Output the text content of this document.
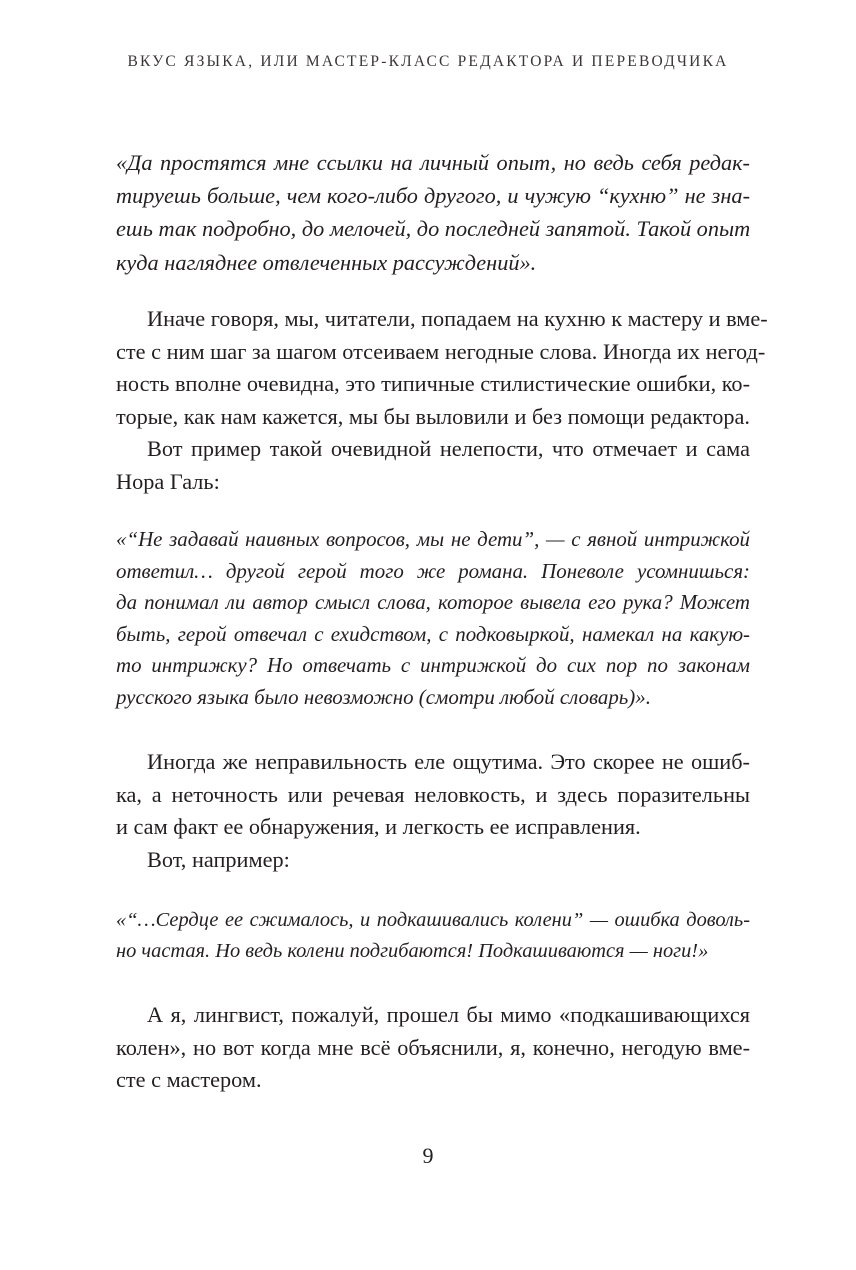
ВКУС ЯЗЫКА, ИЛИ МАСТЕР-КЛАСС РЕДАКТОРА И ПЕРЕВОДЧИКА
«Да простятся мне ссылки на личный опыт, но ведь себя редак-
тируешь больше, чем кого-либо другого, и чужую “кухню” не зна-
ешь так подробно, до мелочей, до последней запятой. Такой опыт
куда нагляднее отвлеченных рассуждений».
Иначе говоря, мы, читатели, попадаем на кухню к мастеру и вме-
сте с ним шаг за шагом отсеиваем негодные слова. Иногда их негод-
ность вполне очевидна, это типичные стилистические ошибки, ко-
торые, как нам кажется, мы бы выловили и без помощи редактора.
Вот пример такой очевидной нелепости, что отмечает и сама
Нора Галь:
«“Не задавай наивных вопросов, мы не дети”, — с явной интрижкой
ответил… другой герой того же романа. Поневоле усомнишься:
да понимал ли автор смысл слова, которое вывела его рука? Может
быть, герой отвечал с ехидством, с подковыркой, намекал на какую-
то интрижку? Но отвечать с интрижкой до сих пор по законам
русского языка было невозможно (смотри любой словарь)».
Иногда же неправильность еле ощутима. Это скорее не ошиб-
ка, а неточность или речевая неловкость, и здесь поразительны
и сам факт ее обнаружения, и легкость ее исправления.
Вот, например:
«“…Сердце ее сжималось, и подкашивались колени” — ошибка доволь-
но частая. Но ведь колени подгибаются! Подкашиваются — ноги!»
А я, лингвист, пожалуй, прошел бы мимо «подкашивающихся
колен», но вот когда мне всё объяснили, я, конечно, негодую вме-
сте с мастером.
9
